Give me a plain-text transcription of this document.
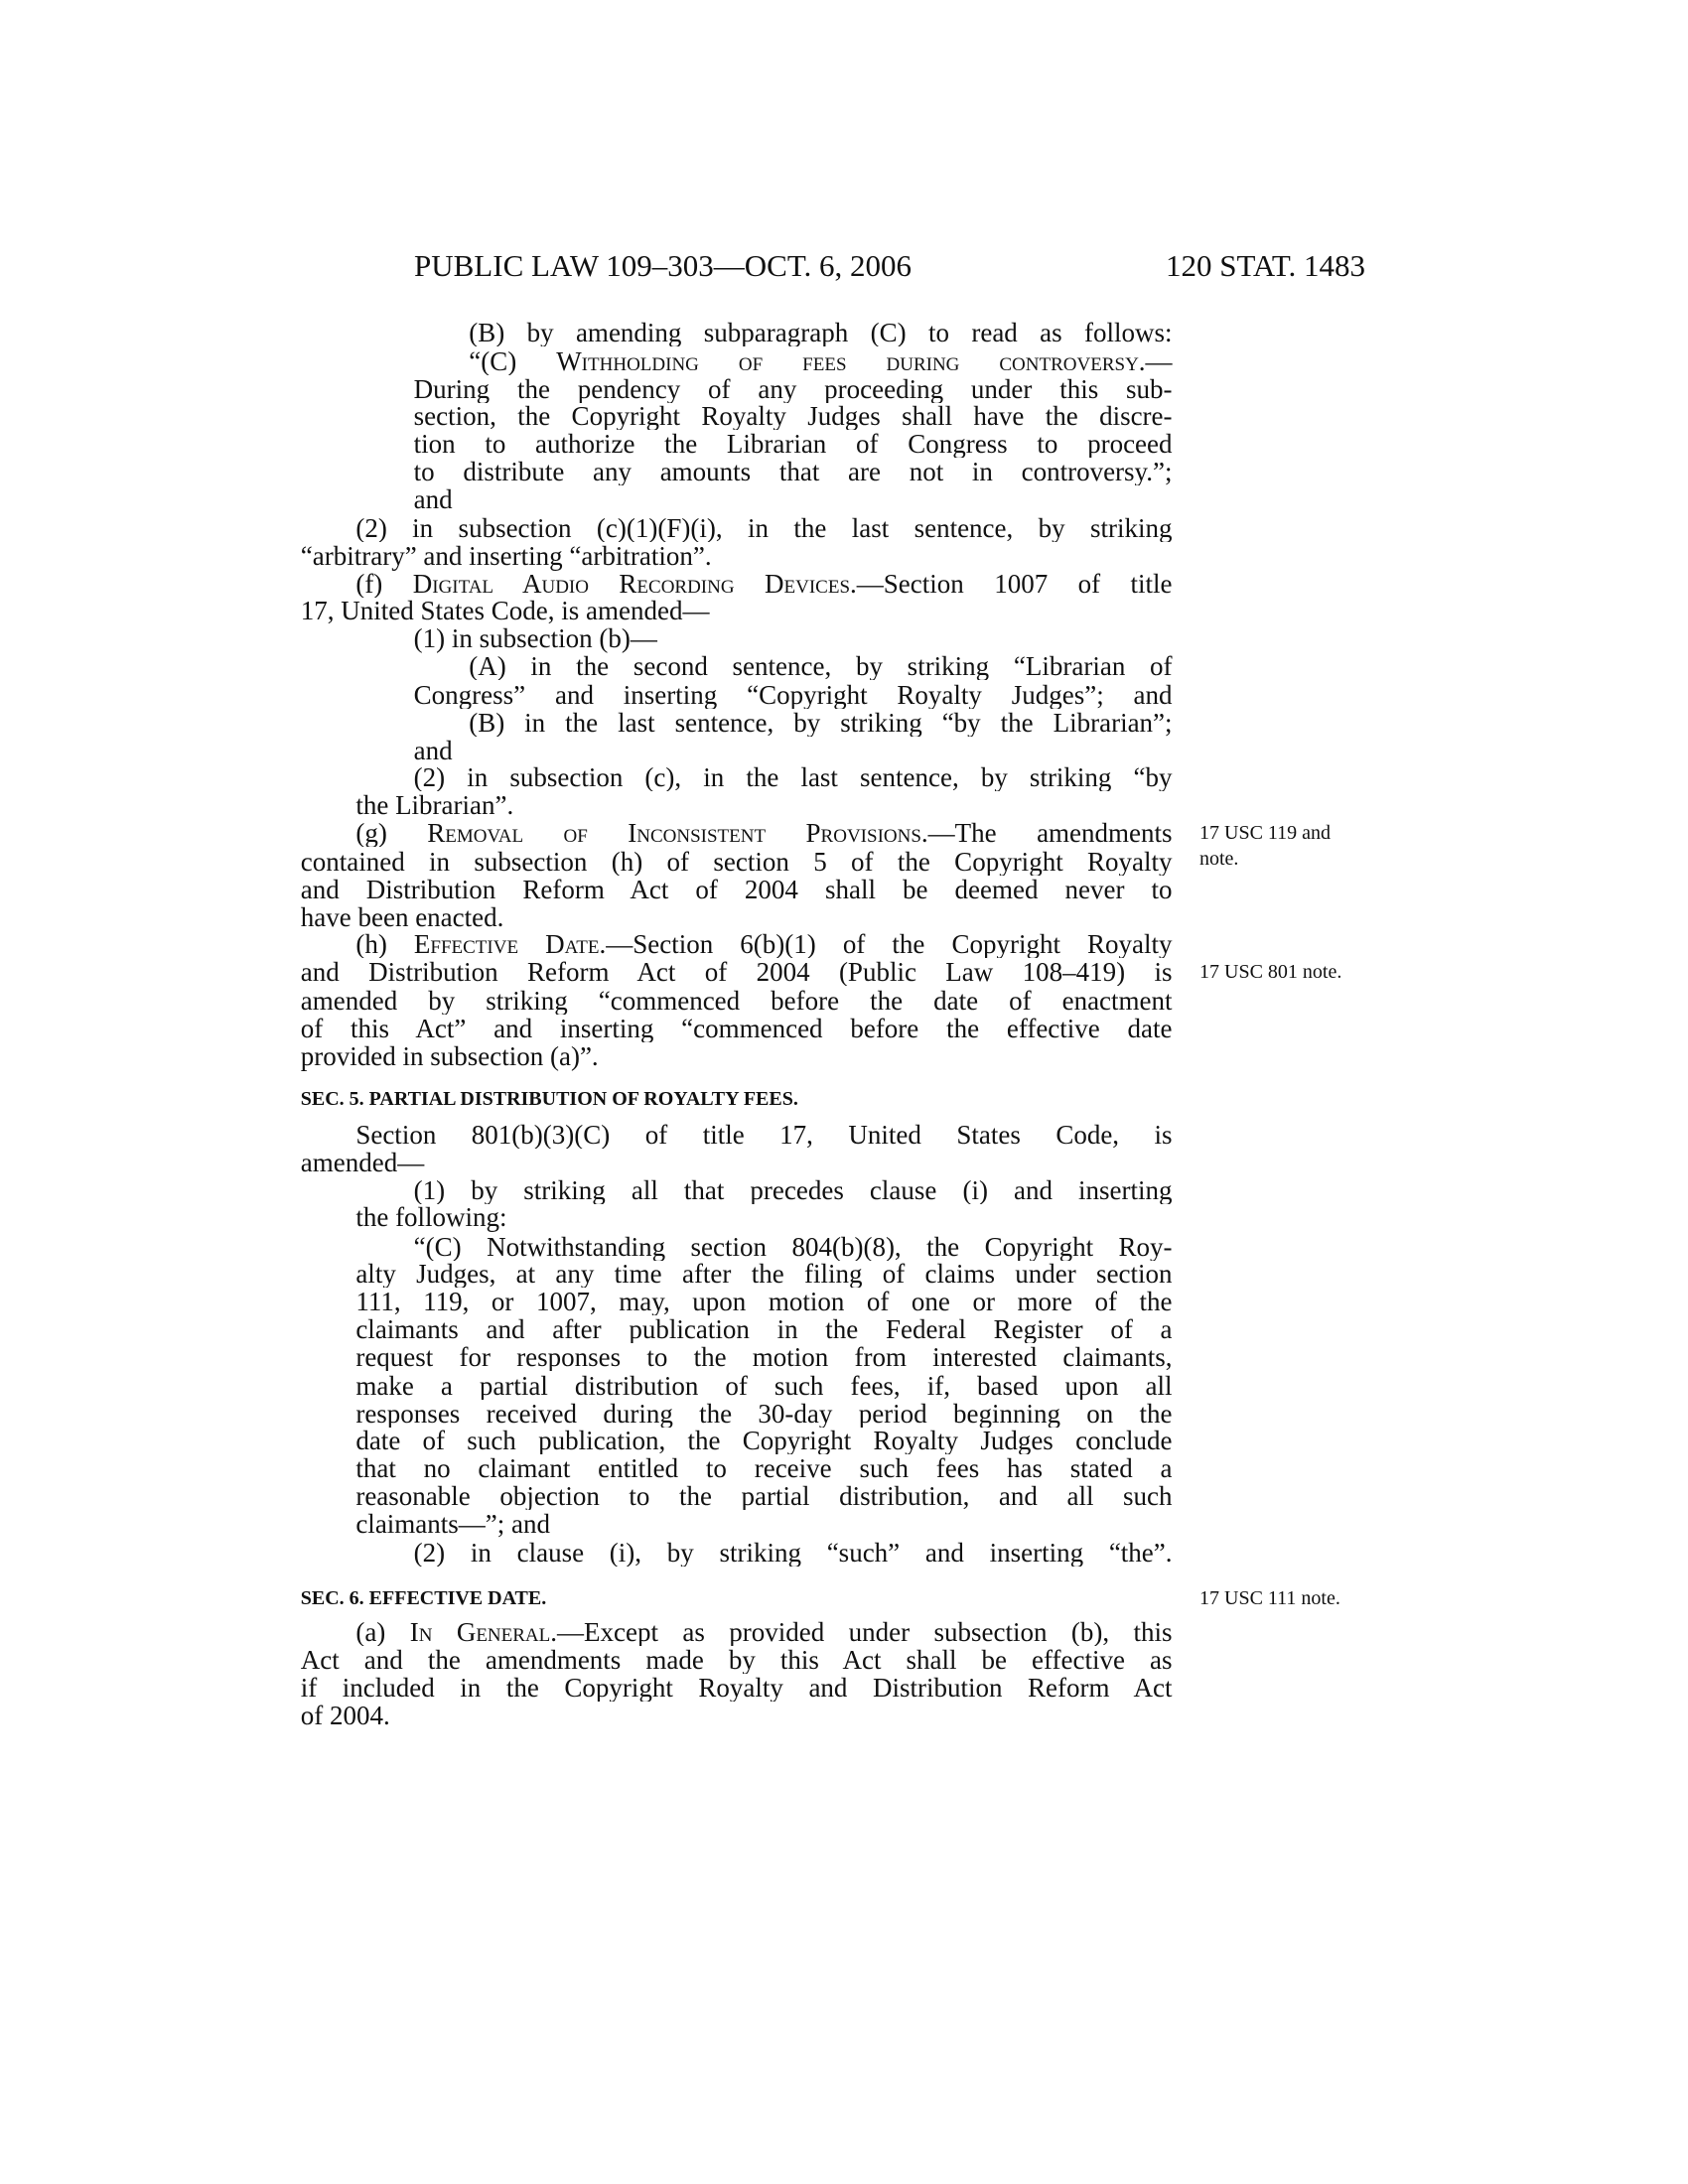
PUBLIC LAW 109–303—OCT. 6, 2006	120 STAT. 1483
(B) by amending subparagraph (C) to read as follows:
“(C) Withholding of fees during controversy.—
During the pendency of any proceeding under this sub-
section, the Copyright Royalty Judges shall have the discre-
tion to authorize the Librarian of Congress to proceed
to distribute any amounts that are not in controversy.”;
and
(2) in subsection (c)(1)(F)(i), in the last sentence, by striking
“arbitrary” and inserting “arbitration”.
(f) Digital Audio Recording Devices.—Section 1007 of title
17, United States Code, is amended—
(1) in subsection (b)—
(A) in the second sentence, by striking “Librarian of
Congress” and inserting “Copyright Royalty Judges”; and
(B) in the last sentence, by striking “by the Librarian”;
and
(2) in subsection (c), in the last sentence, by striking “by
the Librarian”.
(g) Removal of Inconsistent Provisions.—The amendments
contained in subsection (h) of section 5 of the Copyright Royalty
and Distribution Reform Act of 2004 shall be deemed never to
have been enacted.
(h) Effective Date.—Section 6(b)(1) of the Copyright Royalty
and Distribution Reform Act of 2004 (Public Law 108–419) is
amended by striking “commenced before the date of enactment
of this Act” and inserting “commenced before the effective date
provided in subsection (a)”.
SEC. 5. PARTIAL DISTRIBUTION OF ROYALTY FEES.
Section 801(b)(3)(C) of title 17, United States Code, is
amended—
(1) by striking all that precedes clause (i) and inserting
the following:
“(C) Notwithstanding section 804(b)(8), the Copyright Roy-
alty Judges, at any time after the filing of claims under section
111, 119, or 1007, may, upon motion of one or more of the
claimants and after publication in the Federal Register of a
request for responses to the motion from interested claimants,
make a partial distribution of such fees, if, based upon all
responses received during the 30-day period beginning on the
date of such publication, the Copyright Royalty Judges conclude
that no claimant entitled to receive such fees has stated a
reasonable objection to the partial distribution, and all such
claimants—”; and
(2) in clause (i), by striking “such” and inserting “the”.
SEC. 6. EFFECTIVE DATE.
(a) In General.—Except as provided under subsection (b), this
Act and the amendments made by this Act shall be effective as
if included in the Copyright Royalty and Distribution Reform Act
of 2004.
17 USC 119 and
note.
17 USC 801 note.
17 USC 111 note.
